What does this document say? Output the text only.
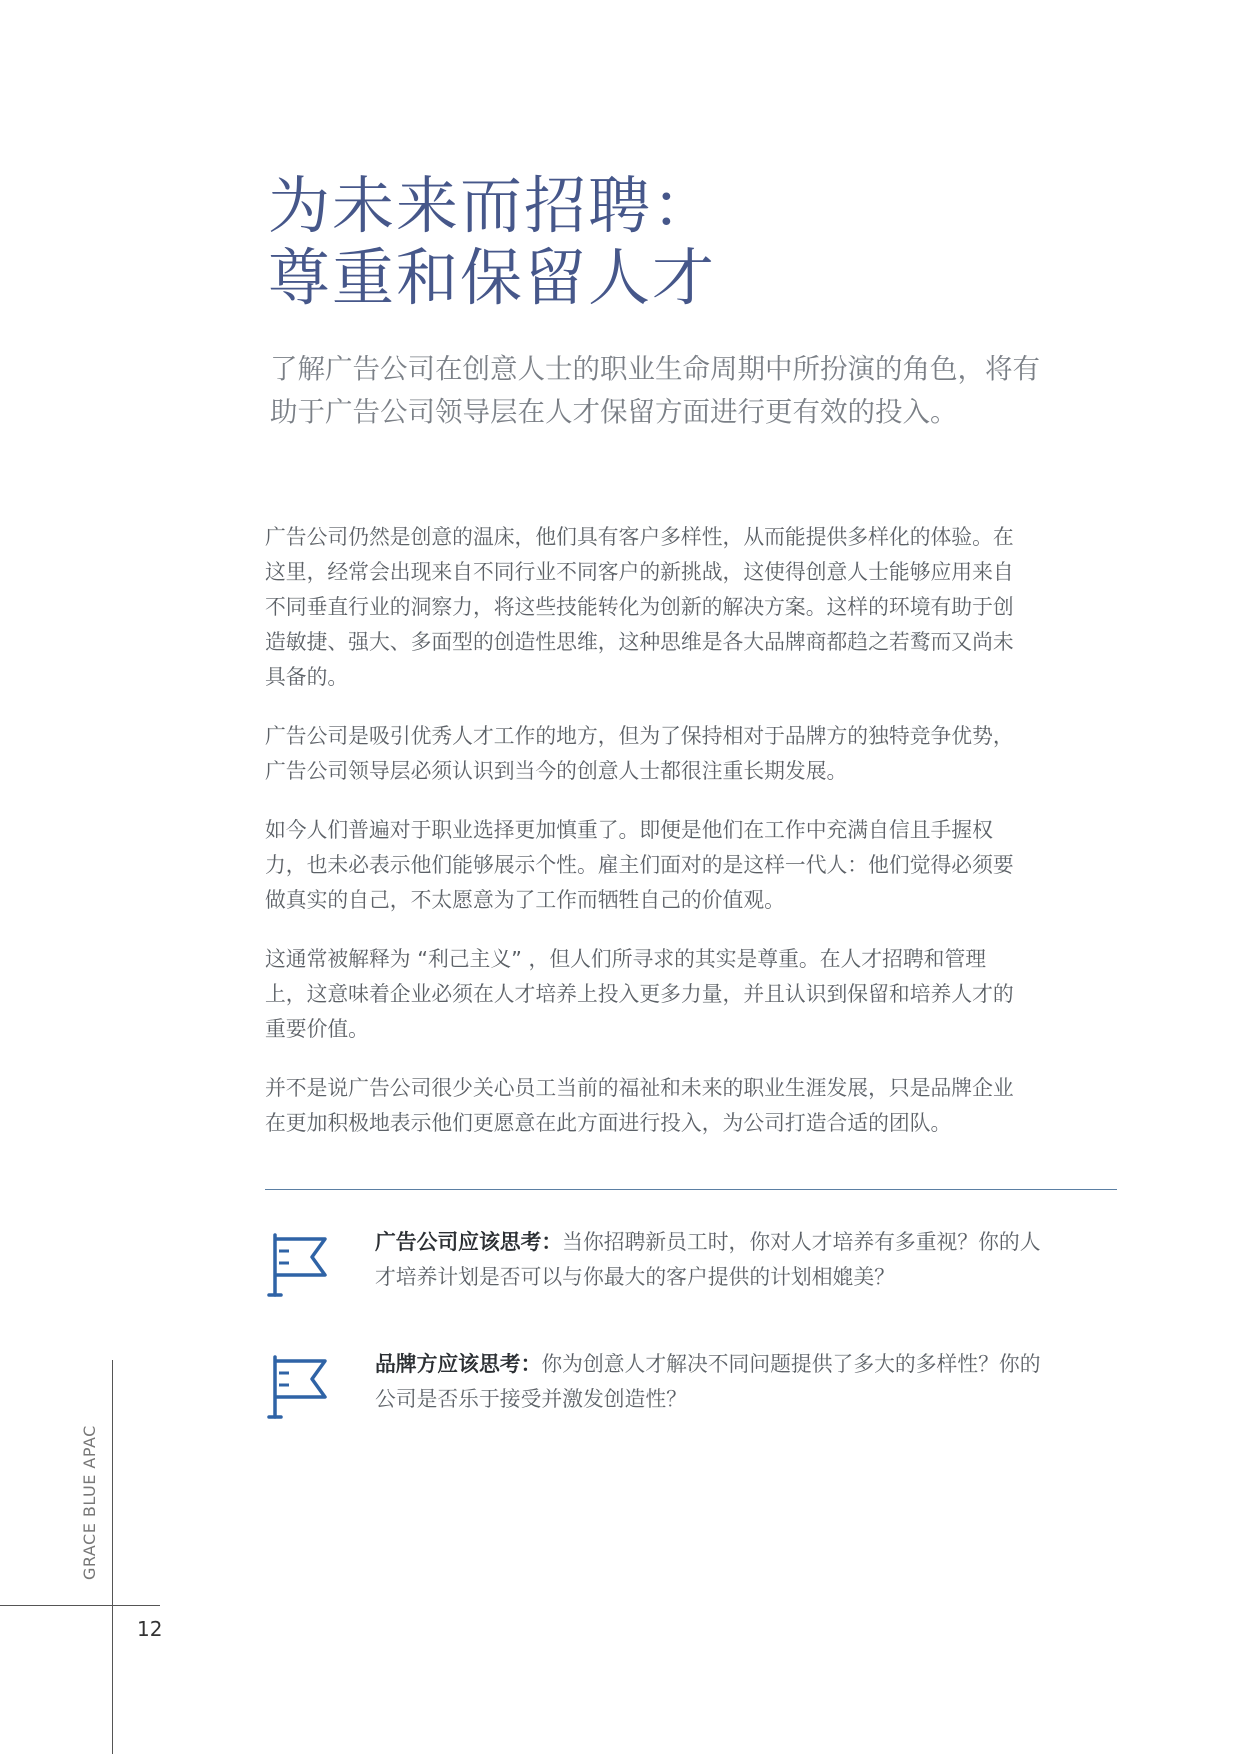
为未来而招聘：
尊重和保留人才

了解广告公司在创意人士的职业生命周期中所扮演的角色，将有
助于广告公司领导层在人才保留方面进行更有效的投入。

广告公司仍然是创意的温床，他们具有客户多样性，从而能提供多样化的体验。在
这里，经常会出现来自不同行业不同客户的新挑战，这使得创意人士能够应用来自
不同垂直行业的洞察力，将这些技能转化为创新的解决方案。这样的环境有助于创
造敏捷、强大、多面型的创造性思维，这种思维是各大品牌商都趋之若鹜而又尚未
具备的。

广告公司是吸引优秀人才工作的地方，但为了保持相对于品牌方的独特竞争优势，
广告公司领导层必须认识到当今的创意人士都很注重长期发展。

如今人们普遍对于职业选择更加慎重了。即便是他们在工作中充满自信且手握权
力，也未必表示他们能够展示个性。雇主们面对的是这样一代人：他们觉得必须要
做真实的自己，不太愿意为了工作而牺牲自己的价值观。

这通常被解释为 “利己主义” ，但人们所寻求的其实是尊重。在人才招聘和管理
上，这意味着企业必须在人才培养上投入更多力量，并且认识到保留和培养人才的
重要价值。

并不是说广告公司很少关心员工当前的福祉和未来的职业生涯发展，只是品牌企业
在更加积极地表示他们更愿意在此方面进行投入，为公司打造合适的团队。

广告公司应该思考：当你招聘新员工时，你对人才培养有多重视？你的人
才培养计划是否可以与你最大的客户提供的计划相媲美？

品牌方应该思考：你为创意人才解决不同问题提供了多大的多样性？你的
公司是否乐于接受并激发创造性？

GRACE BLUE APAC
12
